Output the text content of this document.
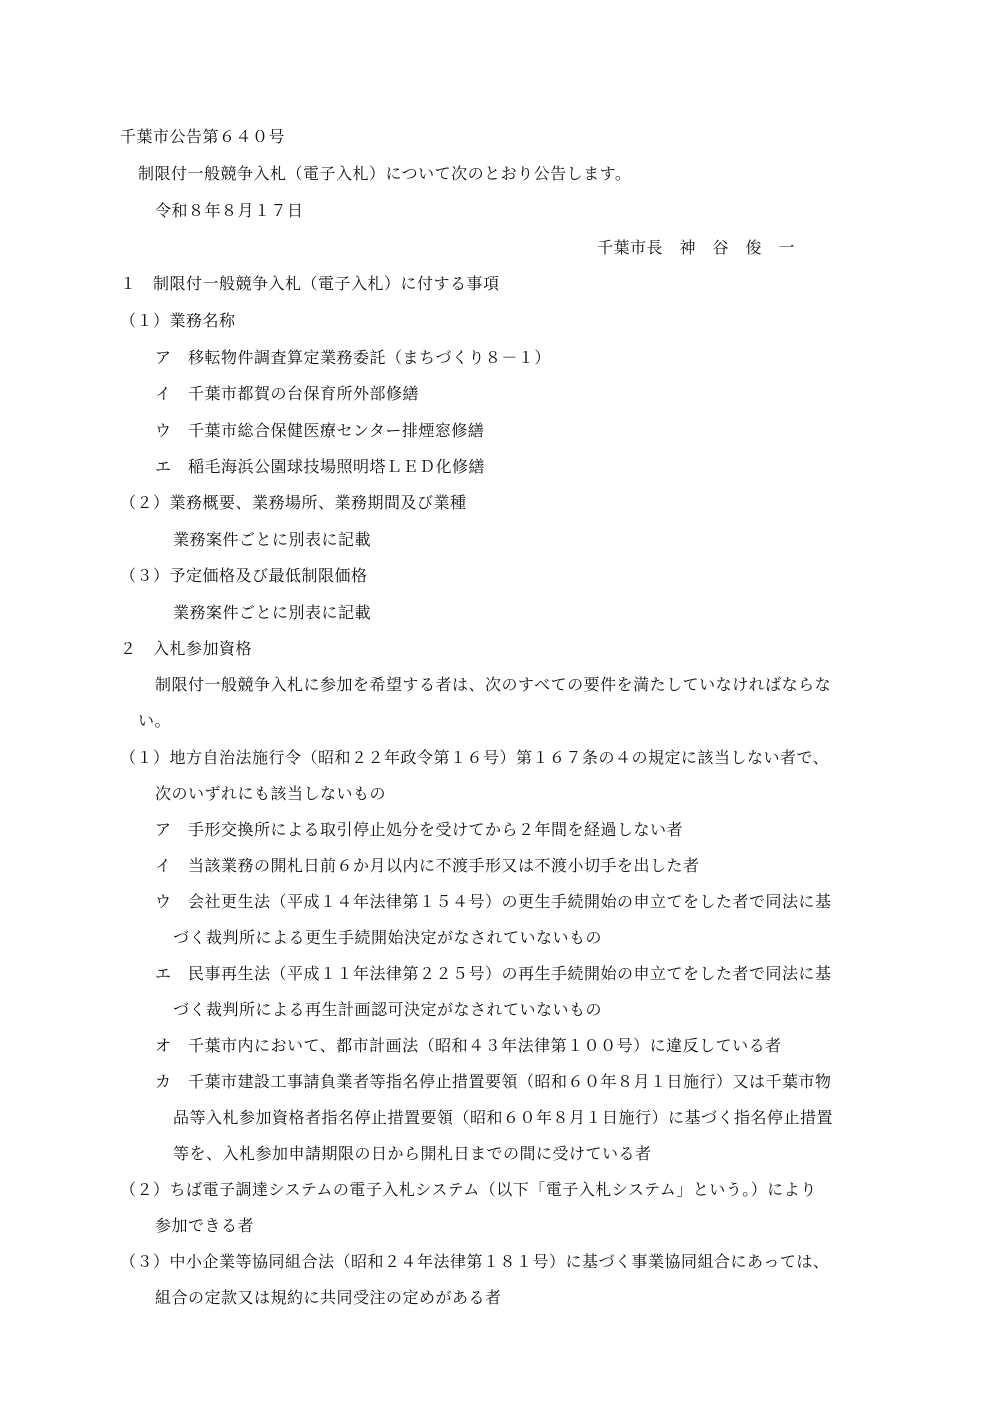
千葉市公告第６４０号
制限付一般競争入札（電子入札）について次のとおり公告します。
令和８年８月１７日
千葉市長　神　谷　俊　一
１　制限付一般競争入札（電子入札）に付する事項
（１）業務名称
ア　移転物件調査算定業務委託（まちづくり８－１）
イ　千葉市都賀の台保育所外部修繕
ウ　千葉市総合保健医療センター排煙窓修繕
エ　稲毛海浜公園球技場照明塔ＬＥＤ化修繕
（２）業務概要、業務場所、業務期間及び業種
業務案件ごとに別表に記載
（３）予定価格及び最低制限価格
業務案件ごとに別表に記載
２　入札参加資格
制限付一般競争入札に参加を希望する者は、次のすべての要件を満たしていなければならな
い。
（１）地方自治法施行令（昭和２２年政令第１６号）第１６７条の４の規定に該当しない者で、
次のいずれにも該当しないもの
ア　手形交換所による取引停止処分を受けてから２年間を経過しない者
イ　当該業務の開札日前６か月以内に不渡手形又は不渡小切手を出した者
ウ　会社更生法（平成１４年法律第１５４号）の更生手続開始の申立てをした者で同法に基
づく裁判所による更生手続開始決定がなされていないもの
エ　民事再生法（平成１１年法律第２２５号）の再生手続開始の申立てをした者で同法に基
づく裁判所による再生計画認可決定がなされていないもの
オ　千葉市内において、都市計画法（昭和４３年法律第１００号）に違反している者
カ　千葉市建設工事請負業者等指名停止措置要領（昭和６０年８月１日施行）又は千葉市物
品等入札参加資格者指名停止措置要領（昭和６０年８月１日施行）に基づく指名停止措置
等を、入札参加申請期限の日から開札日までの間に受けている者
（２）ちば電子調達システムの電子入札システム（以下「電子入札システム」という。）により
参加できる者
（３）中小企業等協同組合法（昭和２４年法律第１８１号）に基づく事業協同組合にあっては、
組合の定款又は規約に共同受注の定めがある者
